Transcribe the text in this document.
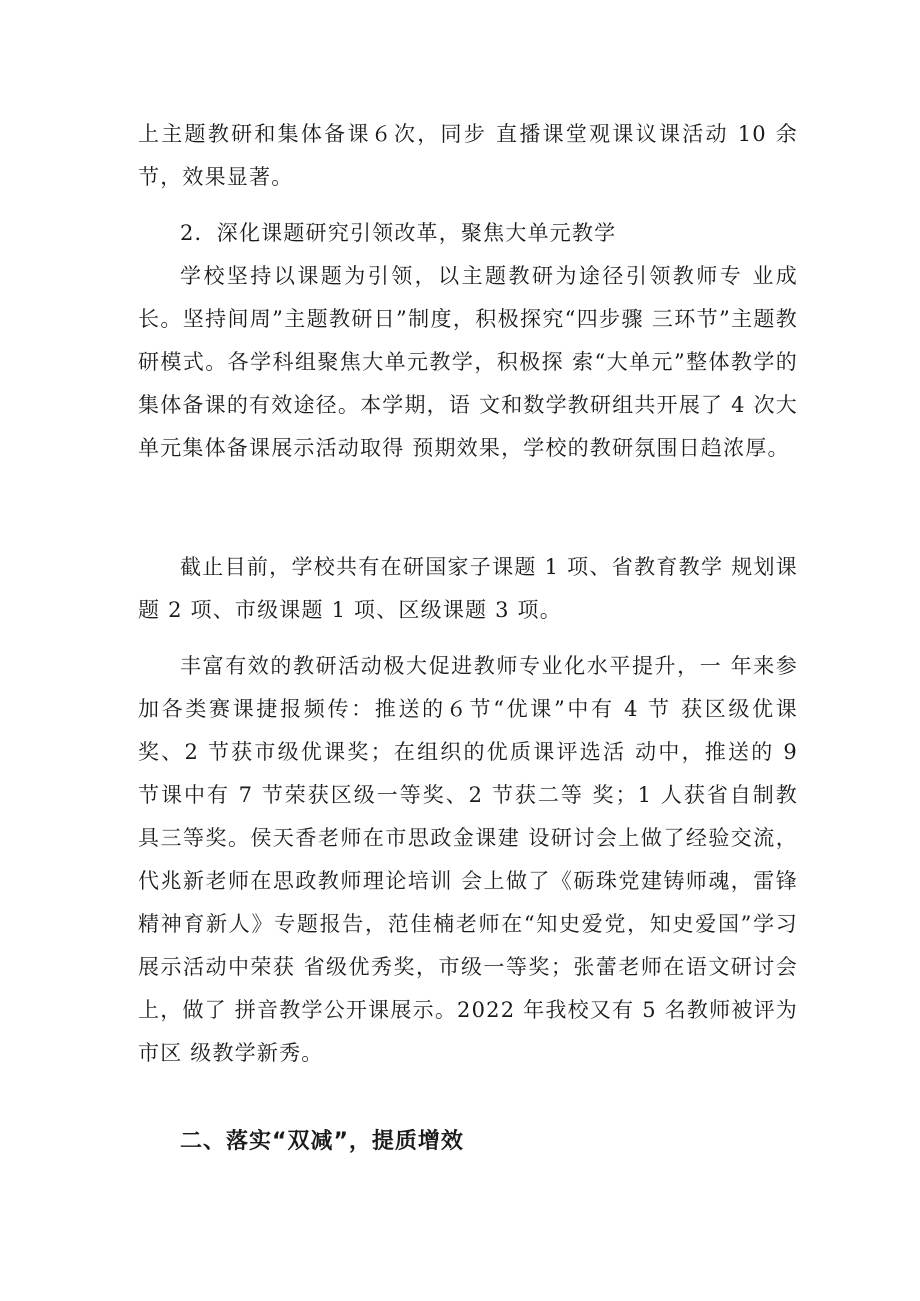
上主题教研和集体备课６次，同步 直播课堂观课议课活动 10 余节，效果显著。

2．深化课题研究引领改革，聚焦大单元教学

学校坚持以课题为引领，以主题教研为途径引领教师专 业成长。坚持间周”主题教研日”制度，积极探究“四步骤 三环节”主题教研模式。各学科组聚焦大单元教学，积极探 索“大单元”整体教学的集体备课的有效途径。本学期，语 文和数学教研组共开展了 4 次大单元集体备课展示活动取得 预期效果，学校的教研氛围日趋浓厚。

截止目前，学校共有在研国家子课题 1 项、省教育教学 规划课题 2 项、市级课题 1 项、区级课题 3 项。

丰富有效的教研活动极大促进教师专业化水平提升，一 年来参加各类赛课捷报频传：推送的６节“优课”中有 4 节 获区级优课奖、2 节获市级优课奖；在组织的优质课评选活 动中，推送的 9 节课中有 7 节荣获区级一等奖、2 节获二等 奖；1 人获省自制教具三等奖。侯天香老师在市思政金课建 设研讨会上做了经验交流，代兆新老师在思政教师理论培训 会上做了《砺珠党建铸师魂，雷锋精神育新人》专题报告，范佳楠老师在“知史爱党，知史爱国”学习展示活动中荣获 省级优秀奖，市级一等奖；张蕾老师在语文研讨会上，做了 拼音教学公开课展示。2022 年我校又有 5 名教师被评为市区 级教学新秀。

二、落实“双减”，提质增效
